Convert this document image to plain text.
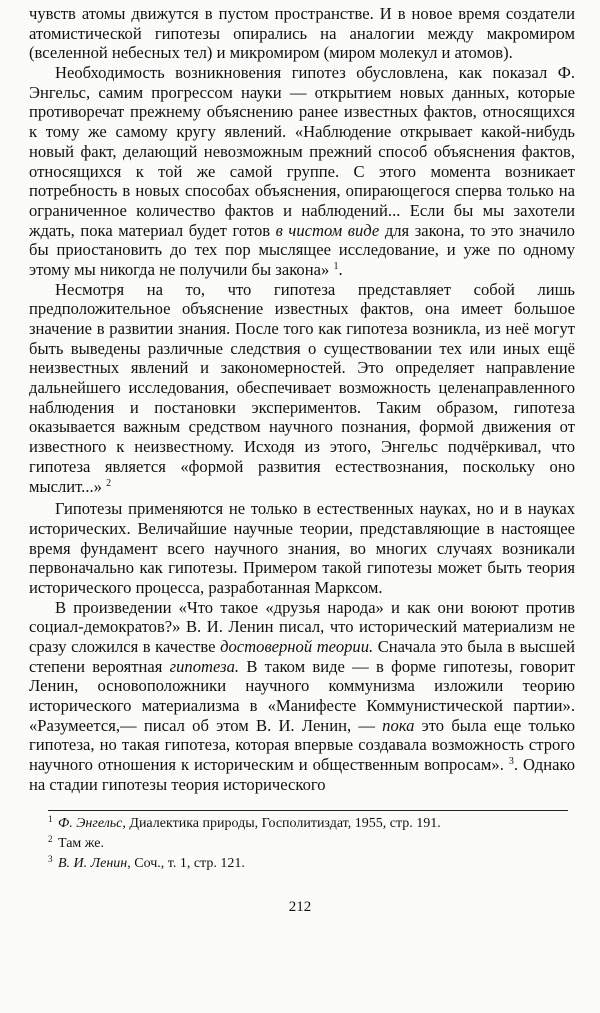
чувств атомы движутся в пустом пространстве. И в новое время создатели атомистической гипотезы опирались на аналогии между макромиром (вселенной небесных тел) и микромиром (миром молекул и атомов).

Необходимость возникновения гипотез обусловлена, как показал Ф. Энгельс, самим прогрессом науки — открытием новых данных, которые противоречат прежнему объяснению ранее известных фактов, относящихся к тому же самому кругу явлений. «Наблюдение открывает какой-нибудь новый факт, делающий невозможным прежний способ объяснения фактов, относящихся к той же самой группе. С этого момента возникает потребность в новых способах объяснения, опирающегося сперва только на ограниченное количество фактов и наблюдений... Если бы мы захотели ждать, пока материал будет готов в чистом виде для закона, то это значило бы приостановить до тех пор мыслящее исследование, и уже по одному этому мы никогда не получили бы закона» $^1$.

Несмотря на то, что гипотеза представляет собой лишь предположительное объяснение известных фактов, она имеет большое значение в развитии знания. После того как гипотеза возникла, из неё могут быть выведены различные следствия о существовании тех или иных ещё неизвестных явлений и закономерностей. Это определяет направление дальнейшего исследования, обеспечивает возможность целенаправленного наблюдения и постановки экспериментов. Таким образом, гипотеза оказывается важным средством научного познания, формой движения от известного к неизвестному. Исходя из этого, Энгельс подчёркивал, что гипотеза является «формой развития естествознания, поскольку оно мыслит...» $^2$

Гипотезы применяются не только в естественных науках, но и в науках исторических. Величайшие научные теории, представляющие в настоящее время фундамент всего научного знания, во многих случаях возникали первоначально как гипотезы. Примером такой гипотезы может быть теория исторического процесса, разработанная Марксом.

В произведении «Что такое «друзья народа» и как они воюют против социал-демократов?» В. И. Ленин писал, что исторический материализм не сразу сложился в качестве достоверной теории. Сначала это была в высшей степени вероятная гипотеза. В таком виде — в форме гипотезы, говорит Ленин, основоположники научного коммунизма изложили теорию исторического материализма в «Манифесте Коммунистической партии». «Разумеется,— писал об этом В. И. Ленин, — пока это была еще только гипотеза, но такая гипотеза, которая впервые создавала возможность строго научного отношения к историческим и общественным вопросам». $^3$. Однако на стадии гипотезы теория исторического

$^1$ Ф. Энгельс, Диалектика природы, Госполитиздат, 1955, стр. 191.
$^2$ Там же.
$^3$ В. И. Ленин, Соч., т. 1, стр. 121.
212
